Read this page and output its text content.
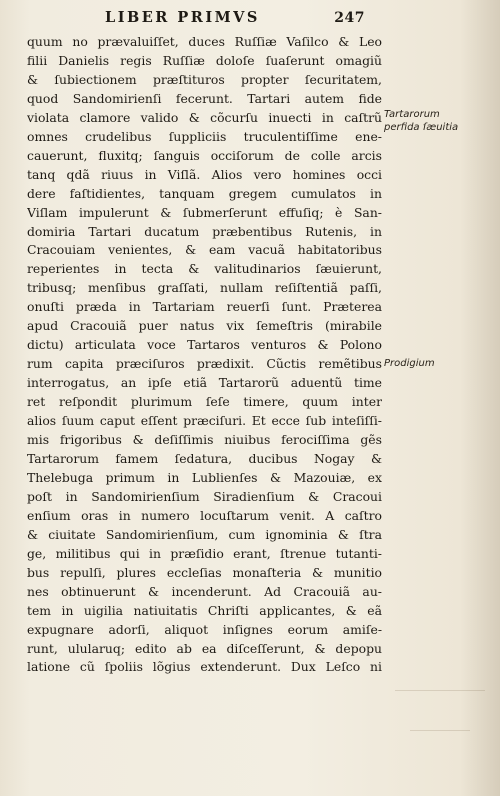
LIBER PRIMVS	247
quum no prævaluiſſet, duces Ruſſiæ Vaſilco & Leo
filii Danielis regis Ruſſiæ doloſe ſuaſerunt omagiũ
& ſubiectionem præſtituros propter ſecuritatem,
quod Sandomirienſi fecerunt. Tartari autem fide
violata clamore valido & cõcurſu inuecti in caſtrũ
omnes crudelibus ſuppliciis truculentiſſime ene-
cauerunt, fluxitq; ſanguis occiſorum de colle arcis
tanq qdã riuus in Viſlã. Alios vero homines occi
dere faſtidientes, tanquam gregem cumulatos in
Viſlam impulerunt & ſubmerſerunt effuſiq; è San-
domiria Tartari ducatum præbentibus Rutenis, in
Cracouiam venientes, & eam vacuã habitatoribus
reperientes in tecta & valitudinarios ſæuierunt,
tribusq; menſibus graſſati, nullam reſiſtentiã paſſi,
onuſti præda in Tartariam reuerſi ſunt. Præterea
apud Cracouiã puer natus vix ſemeſtris (mirabile
dictu) articulata voce Tartaros venturos & Polono
rum capita præciſuros prædixit. Cũctis remẽtibus
interrogatus, an ipſe etiã Tartarorũ aduentũ time
ret reſpondit plurimum ſeſe timere, quum inter
alios ſuum caput eſſent præciſuri. Et ecce ſub inteſiſſi-
mis frigoribus & deſiſſimis niuibus ferociſſima gẽs
Tartarorum famem ſedatura, ducibus Nogay &
Thelebuga primum in Lublienſes & Mazouiæ, ex
poſt in Sandomirienſium Siradienſium & Cracoui
enſium oras in numero locuſtarum venit. A caſtro
& ciuitate Sandomirienſium, cum ignominia & ſtra
ge, militibus qui in præſidio erant, ſtrenue tutanti-
bus repulſi, plures eccleſias monaſteria & munitio
nes obtinuerunt & incenderunt. Ad Cracouiã au-
tem in uigilia natiuitatis Chriſti applicantes, & eã
expugnare adorſi, aliquot inſignes eorum amiſe-
runt, ulularuq; edito ab ea diſceſſerunt, & depopu
latione cũ ſpoliis lõgius extenderunt. Dux Leſco ni
Tartarorum
perfida ſæuitia
Prodigium
